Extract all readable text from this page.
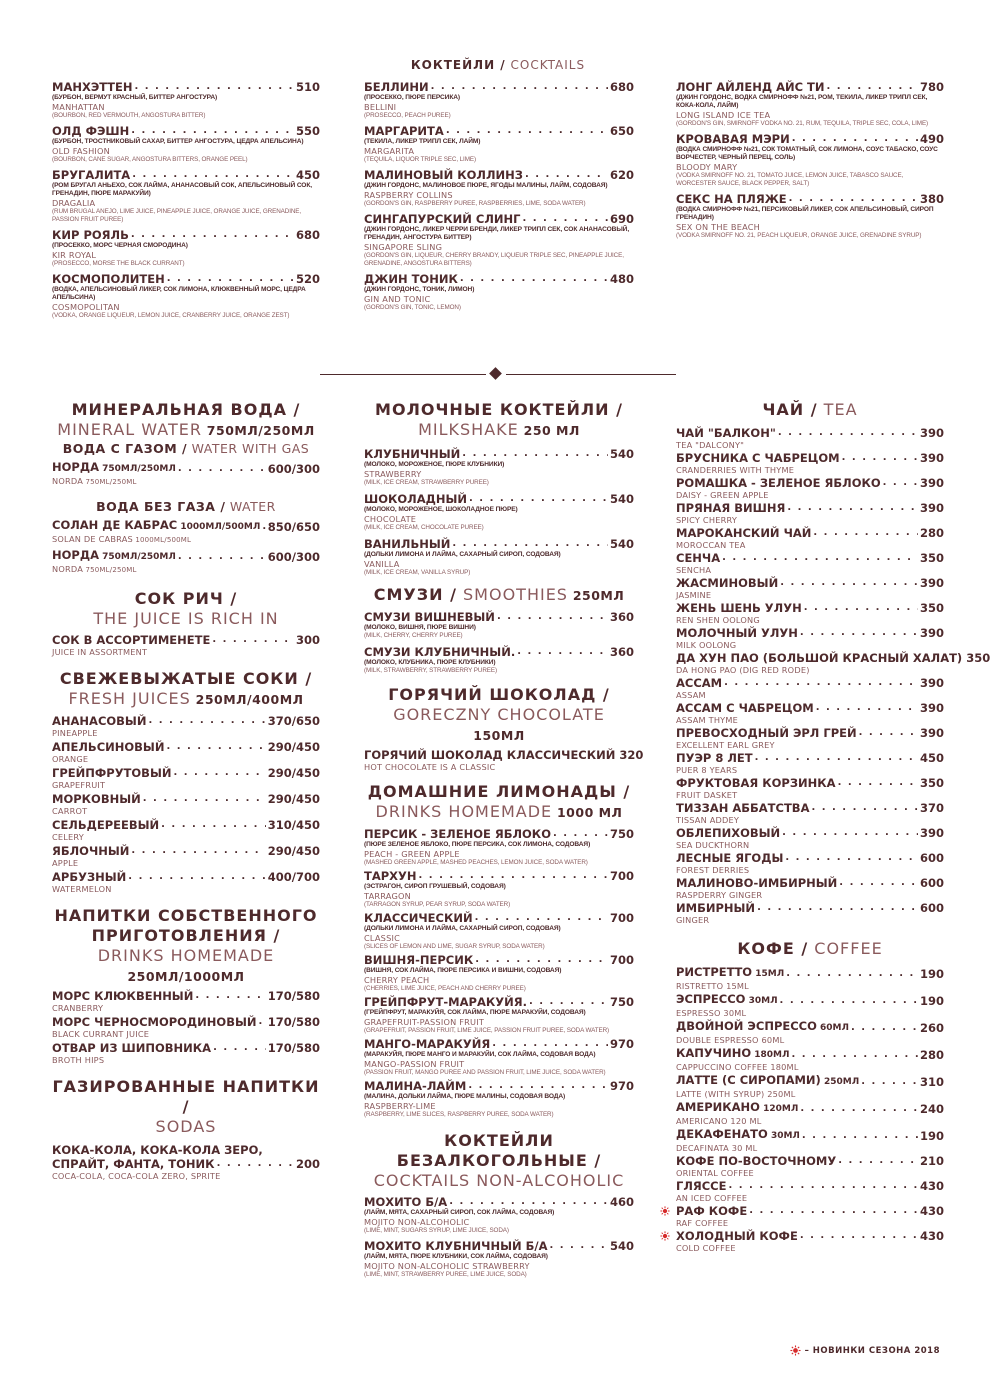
КОКТЕЙЛИ / COCKTAILS
МАНХЭТТЕН . . .	510
(БУРБОН, ВЕРМУТ КРАСНЫЙ, БИТТЕР АНГОСТУРА)
MANHATTAN
(BOURBON, RED VERMOUTH, ANGOSTURA BITTER)
ОЛД ФЭШН . . .	550
(БУРБОН, ТРОСТНИКОВЫЙ САХАР, БИТТЕР АНГОСТУРА, ЦЕДРА АПЕЛЬСИНА)
OLD FASHION
(BOURBON, CANE SUGAR, ANGOSTURA BITTERS, ORANGE PEEL)
БРУГАЛИТА . . .	450
(РОМ БРУГАЛ АНЬЕХО, СОК ЛАЙМА, АНАНАСОВЫЙ СОК, АПЕЛЬСИНОВЫЙ СОК, ГРЕНАДИН, ПЮРЕ МАРАКУЙИ)
DRAGALIA
(RUM BRUGAL ANEJO, LIME JUICE, PINEAPPLE JUICE, ORANGE JUICE, GRENADINE, PASSION FRUIT PUREE)
КИР РОЯЛЬ . . .	680
(ПРОСЕККО, МОРС ЧЕРНАЯ СМОРОДИНА)
KIR ROYAL
(PROSECCO, MORSE THE BLACK CURRANT)
КОСМОПОЛИТЕН . . .	520
(ВОДКА, АПЕЛЬСИНОВЫЙ ЛИКЕР, СОК ЛИМОНА, КЛЮКВЕННЫЙ МОРС, ЦЕДРА АПЕЛЬСИНА)
COSMOPOLITAN
(VODKA, ORANGE LIQUEUR, LEMON JUICE, CRANBERRY JUICE, ORANGE ZEST)
БЕЛЛИНИ . . .	680
(ПРОСЕККО, ПЮРЕ ПЕРСИКА)
BELLINI
(PROSECCO, PEACH PUREE)
МАРГАРИТА . . .	650
(ТЕКИЛА, ЛИКЕР ТРИПЛ СЕК, ЛАЙМ)
MARGARITA
(TEQUILA, LIQUOR TRIPLE SEC, LIME)
МАЛИНОВЫЙ КОЛЛИНЗ . . .	620
(ДЖИН ГОРДОНС, МАЛИНОВОЕ ПЮРЕ, ЯГОДЫ МАЛИНЫ, ЛАЙМ, СОДОВАЯ)
RASPBERRY COLLINS
(GORDON'S GIN, RASPBERRY PUREE, RASPBERRIES, LIME, SODA WATER)
СИНГАПУРСКИЙ СЛИНГ . . .	690
(ДЖИН ГОРДОНС, ЛИКЕР ЧЕРРИ БРЕНДИ, ЛИКЕР ТРИПЛ СЕК, СОК АНАНАСОВЫЙ, ГРЕНАДИН, АНГОСТУРА БИТТЕР)
SINGAPORE SLING
(GORDON'S GIN, LIQUEUR, CHERRY BRANDY, LIQUEUR TRIPLE SEC, PINEAPPLE JUICE, GRENADINE, ANGOSTURA BITTERS)
ДЖИН ТОНИК . . .	480
(ДЖИН ГОРДОНС, ТОНИК, ЛИМОН)
GIN AND TONIC
(GORDON'S GIN, TONIC, LEMON)
ЛОНГ АЙЛЕНД АЙС ТИ . . .	780
(ДЖИН ГОРДОНС, ВОДКА СМИРНОФФ №21, РОМ, ТЕКИЛА, ЛИКЕР ТРИПЛ СЕК, КОКА-КОЛА, ЛАЙМ)
LONG ISLAND ICE TEA
(GORDON'S GIN, SMIRNOFF VODKA NO. 21, RUM, TEQUILA, TRIPLE SEC, COLA, LIME)
КРОВАВАЯ МЭРИ . . .	490
(ВОДКА СМИРНОФФ №21, СОК ТОМАТНЫЙ, СОК ЛИМОНА, СОУС ТАБАСКО, СОУС ВОРЧЕСТЕР, ЧЕРНЫЙ ПЕРЕЦ, СОЛЬ)
BLOODY MARY
(VODKA SMIRNOFF NO. 21, TOMATO JUICE, LEMON JUICE, TABASCO SAUCE, WORCESTER SAUCE, BLACK PEPPER, SALT)
СЕКС НА ПЛЯЖЕ . . .	380
(ВОДКА СМИРНОФФ №21, ПЕРСИКОВЫЙ ЛИКЕР, СОК АПЕЛЬСИНОВЫЙ, СИРОП ГРЕНАДИН)
SEX ON THE BEACH
(VODKA SMIRNOFF NO. 21, PEACH LIQUEUR, ORANGE JUICE, GRENADINE SYRUP)
МИНЕРАЛЬНАЯ ВОДА /
MINERAL WATER 750МЛ/250МЛ
ВОДА С ГАЗОМ / WATER WITH GAS
НОРДА 750МЛ/250МЛ . . .	600/300
NORDA 750ML/250ML
ВОДА БЕЗ ГАЗА / WATER
СОЛАН ДЕ КАБРАС 1000МЛ/500МЛ . . . 850/650
SOLAN DE CABRAS 1000ML/500ML
НОРДА 750МЛ/250МЛ . . .	600/300
NORDA 750ML/250ML
СОК РИЧ /
THE JUICE IS RICH IN
СОК В АССОРТИМЕНЕТЕ . . .	300
JUICE IN ASSORTMENT
СВЕЖЕВЫЖАТЫЕ СОКИ /
FRESH JUICES 250МЛ/400МЛ
АНАНАСОВЫЙ . . .	370/650
PINEAPPLE
АПЕЛЬСИНОВЫЙ . . .	290/450
ORANGE
ГРЕЙПФРУТОВЫЙ . . .	290/450
GRAPEFRUIT
МОРКОВНЫЙ . . .	290/450
CARROT
СЕЛЬДЕРЕЕВЫЙ . . .	310/450
CELERY
ЯБЛОЧНЫЙ . . .	290/450
APPLE
АРБУЗНЫЙ . . .	400/700
WATERMELON
НАПИТКИ СОБСТВЕННОГО
ПРИГОТОВЛЕНИЯ /
DRINKS HOMEMADE
250МЛ/1000МЛ
МОРС КЛЮКВЕННЫЙ . . .	170/580
CRANBERRY
МОРС ЧЕРНОСМОРОДИНОВЫЙ . . . 170/580
BLACK CURRANT JUICE
ОТВАР ИЗ ШИПОВНИКА . . .	170/580
BROTH HIPS
ГАЗИРОВАННЫЕ НАПИТКИ /
SODAS
КОКА-КОЛА, КОКА-КОЛА ЗЕРО,
СПРАЙТ, ФАНТА, ТОНИК . . .	200
COCA-COLA, COCA-COLA ZERO, SPRITE
МОЛОЧНЫЕ КОКТЕЙЛИ /
MILKSHAKE 250 МЛ
КЛУБНИЧНЫЙ . . .	540
(МОЛОКО, МОРОЖЕНОЕ, ПЮРЕ КЛУБНИКИ)
STRAWBERRY
(MILK, ICE CREAM, STRAWBERRY PUREE)
ШОКОЛАДНЫЙ . . .	540
(МОЛОКО, МОРОЖЕНОЕ, ШОКОЛАДНОЕ ПЮРЕ)
CHOCOLATE
(MILK, ICE CREAM, CHOCOLATE PUREE)
ВАНИЛЬНЫЙ . . .	540
(ДОЛЬКИ ЛИМОНА И ЛАЙМА, САХАРНЫЙ СИРОП, СОДОВАЯ)
VANILLA
(MILK, ICE CREAM, VANILLA SYRUP)
СМУЗИ / SMOOTHIES 250МЛ
СМУЗИ ВИШНЕВЫЙ . . .	360
(МОЛОКО, ВИШНЯ, ПЮРЕ ВИШНИ)
(MILK, CHERRY, CHERRY PUREE)
СМУЗИ КЛУБНИЧНЫЙ. . . .	360
(МОЛОКО, КЛУБНИКА, ПЮРЕ КЛУБНИКИ)
(MILK, STRAWBERRY, STRAWBERRY PUREE)
ГОРЯЧИЙ ШОКОЛАД /
GORECZNY CHOCOLATE
150МЛ
ГОРЯЧИЙ ШОКОЛАД КЛАССИЧЕСКИЙ 320
HOT CHOCOLATE IS A CLASSIC
ДОМАШНИЕ ЛИМОНАДЫ /
DRINKS HOMEMADE 1000 МЛ
ПЕРСИК - ЗЕЛЕНОЕ ЯБЛОКО . . .	750
(ПЮРЕ ЗЕЛЕНОЕ ЯБЛОКО, ПЮРЕ ПЕРСИКА, СОК ЛИМОНА, СОДОВАЯ)
PEACH - GREEN APPLE
(MASHED GREEN APPLE, MASHED PEACHES, LEMON JUICE, SODA WATER)
ТАРХУН . . .	700
(ЭСТРАГОН, СИРОП ГРУШЕВЫЙ, СОДОВАЯ)
TARRAGON
(TARRAGON SYRUP, PEAR SYRUP, SODA WATER)
КЛАССИЧЕСКИЙ . . .	700
(ДОЛЬКИ ЛИМОНА И ЛАЙМА, САХАРНЫЙ СИРОП, СОДОВАЯ)
CLASSIC
(SLICES OF LEMON AND LIME, SUGAR SYRUP, SODA WATER)
ВИШНЯ-ПЕРСИК . . .	700
(ВИШНЯ, СОК ЛАЙМА, ПЮРЕ ПЕРСИКА И ВИШНИ, СОДОВАЯ)
CHERRY PEACH
(CHERRIES, LIME JUICE, PEACH AND CHERRY PUREE)
ГРЕЙПФРУТ-МАРАКУЙЯ. . . .	750
(ГРЕЙПФРУТ, МАРАКУЙЯ, СОК ЛАЙМА, ПЮРЕ МАРАКУЙИ, СОДОВАЯ)
GRAPEFRUIT-PASSION FRUIT
(GRAPEFRUIT, PASSION FRUIT, LIME JUICE, PASSION FRUIT PUREE, SODA WATER)
МАНГО-МАРАКУЙЯ . . .	970
(МАРАКУЙЯ, ПЮРЕ МАНГО И МАРАКУЙИ, СОК ЛАЙМА, СОДОВАЯ ВОДА)
MANGO-PASSION FRUIT
(PASSION FRUIT, MANGO PUREE AND PASSION FRUIT, LIME JUICE, SODA WATER)
МАЛИНА-ЛАЙМ . . .	970
(МАЛИНА, ДОЛЬКИ ЛАЙМА, ПЮРЕ МАЛИНЫ, СОДОВАЯ ВОДА)
RASPBERRY-LIME
(RASPBERRY, LIME SLICES, RASPBERRY PUREE, SODA WATER)
КОКТЕЙЛИ
БЕЗАЛКОГОЛЬНЫЕ /
COCKTAILS NON-ALCOHOLIC
МОХИТО Б/А . . .	460
(ЛАЙМ, МЯТА, САХАРНЫЙ СИРОП, СОК ЛАЙМА, СОДОВАЯ)
MOJITO NON-ALCOHOLIC
(LIME, MINT, SUGARS SYRUP, LIME JUICE, SODA)
МОХИТО КЛУБНИЧНЫЙ Б/А . . .	540
(ЛАЙМ, МЯТА, ПЮРЕ КЛУБНИКИ, СОК ЛАЙМА, СОДОВАЯ)
MOJITO NON-ALCOHOLIC STRAWBERRY
(LIME, MINT, STRAWBERRY PUREE, LIME JUICE, SODA)
ЧАЙ / TEA
ЧАЙ "БАЛКОН" . . .	390
TEA "DALCONY"
БРУСНИКА С ЧАБРЕЦОМ . . .	390
CRANDERRIES WITH THYME
РОМАШКА - ЗЕЛЕНОЕ ЯБЛОКО . . .	390
DAISY - GREEN APPLE
ПРЯНАЯ ВИШНЯ . . .	390
SPICY CHERRY
МАРОКАНСКИЙ ЧАЙ . . .	280
MOROCCAN TEA
СЕНЧА . . .	350
SENCHA
ЖАСМИНОВЫЙ . . .	390
JASMINE
ЖЕНЬ ШЕНЬ УЛУН . . .	350
REN SHEN OOLONG
МОЛОЧНЫЙ УЛУН . . .	390
MILK OOLONG
ДА ХУН ПАО (БОЛЬШОЙ КРАСНЫЙ ХАЛАТ) 350
DA HONG PAO (DIG RED RODE)
АССАМ . . .	390
ASSAM
АССАМ С ЧАБРЕЦОМ . . .	390
ASSAM THYME
ПРЕВОСХОДНЫЙ ЭРЛ ГРЕЙ . . .	390
EXCELLENT EARL GREY
ПУЭР 8 ЛЕТ . . .	450
PUER 8 YEARS
ФРУКТОВАЯ КОРЗИНКА . . .	350
FRUIT DASKET
ТИЗЗАН АББАТСТВА . . .	370
TISSAN ADDEY
ОБЛЕПИХОВЫЙ . . .	390
SEA DUCKTHORN
ЛЕСНЫЕ ЯГОДЫ . . .	600
FOREST DERRIES
МАЛИНОВО-ИМБИРНЫЙ . . .	600
RASPDERRY GINGER
ИМБИРНЫЙ . . .	600
GINGER
КОФЕ / COFFEE
РИСТРЕТТО 15МЛ . . .	190
RISTRETTO 15ML
ЭСПРЕССО 30МЛ . . .	190
ESPRESSO 30ML
ДВОЙНОЙ ЭСПРЕССО 60МЛ . . .	260
DOUBLE ESPRESSO 60ML
КАПУЧИНО 180МЛ . . .	280
CAPPUCCINO COFFEE 180ML
ЛАТТЕ (С СИРОПАМИ) 250МЛ . . .	310
LATTE (WITH SYRUP) 250ML
АМЕРИКАНО 120МЛ . . .	240
AMERICANO 120 ML
ДЕКАФЕНАТО 30МЛ . . .	190
DECAFINATA 30 ML
КОФЕ ПО-ВОСТОЧНОМУ . . .	210
ORIENTAL COFFEE
ГЛЯССЕ . . .	430
AN ICED COFFEE
РАФ КОФЕ . . .	430
RAF COFFEE
ХОЛОДНЫЙ КОФЕ . . .	430
COLD COFFEE
– НОВИНКИ СЕЗОНА 2018
